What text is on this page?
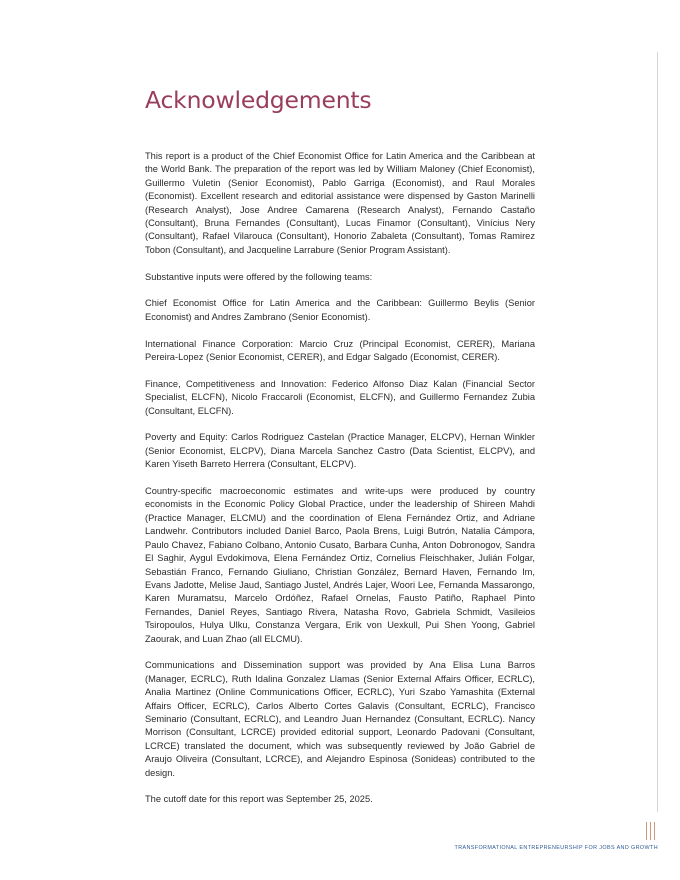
Acknowledgements

This report is a product of the Chief Economist Office for Latin America and the Caribbean at the World Bank. The preparation of the report was led by William Maloney (Chief Economist), Guillermo Vuletin (Senior Economist), Pablo Garriga (Economist), and Raul Morales (Economist). Excellent research and editorial assistance were dispensed by Gaston Marinelli (Research Analyst), Jose Andree Camarena (Research Analyst), Fernando Castaño (Consultant), Bruna Fernandes (Consultant), Lucas Finamor (Consultant), Vinícius Nery (Consultant), Rafael Vilarouca (Consultant), Honorio Zabaleta (Consultant), Tomas Ramirez Tobon (Consultant), and Jacqueline Larrabure (Senior Program Assistant).

Substantive inputs were offered by the following teams:

Chief Economist Office for Latin America and the Caribbean: Guillermo Beylis (Senior Economist) and Andres Zambrano (Senior Economist).

International Finance Corporation: Marcio Cruz (Principal Economist, CERER), Mariana Pereira-Lopez (Senior Economist, CERER), and Edgar Salgado (Economist, CERER).

Finance, Competitiveness and Innovation: Federico Alfonso Diaz Kalan (Financial Sector Specialist, ELCFN), Nicolo Fraccaroli (Economist, ELCFN), and Guillermo Fernandez Zubia (Consultant, ELCFN).

Poverty and Equity: Carlos Rodriguez Castelan (Practice Manager, ELCPV), Hernan Winkler (Senior Economist, ELCPV), Diana Marcela Sanchez Castro (Data Scientist, ELCPV), and Karen Yiseth Barreto Herrera (Consultant, ELCPV).

Country-specific macroeconomic estimates and write-ups were produced by country economists in the Economic Policy Global Practice, under the leadership of Shireen Mahdi (Practice Manager, ELCMU) and the coordination of Elena Fernández Ortiz, and Adriane Landwehr. Contributors included Daniel Barco, Paola Brens, Luigi Butrón, Natalia Cámpora, Paulo Chavez, Fabiano Colbano, Antonio Cusato, Barbara Cunha, Anton Dobronogov, Sandra El Saghir, Aygul Evdokimova, Elena Fernández Ortiz, Cornelius Fleischhaker, Julián Folgar, Sebastián Franco, Fernando Giuliano, Christian González, Bernard Haven, Fernando Im, Evans Jadotte, Melise Jaud, Santiago Justel, Andrés Lajer, Woori Lee, Fernanda Massarongo, Karen Muramatsu, Marcelo Ordóñez, Rafael Ornelas, Fausto Patiño, Raphael Pinto Fernandes, Daniel Reyes, Santiago Rivera, Natasha Rovo, Gabriela Schmidt, Vasileios Tsiropoulos, Hulya Ulku, Constanza Vergara, Erik von Uexkull, Pui Shen Yoong, Gabriel Zaourak, and Luan Zhao (all ELCMU).

Communications and Dissemination support was provided by Ana Elisa Luna Barros (Manager, ECRLC), Ruth Idalina Gonzalez Llamas (Senior External Affairs Officer, ECRLC), Analia Martinez (Online Communications Officer, ECRLC), Yuri Szabo Yamashita (External Affairs Officer, ECRLC), Carlos Alberto Cortes Galavis (Consultant, ECRLC), Francisco Seminario (Consultant, ECRLC), and Leandro Juan Hernandez (Consultant, ECRLC). Nancy Morrison (Consultant, LCRCE) provided editorial support, Leonardo Padovani (Consultant, LCRCE) translated the document, which was subsequently reviewed by João Gabriel de Araujo Oliveira (Consultant, LCRCE), and Alejandro Espinosa (Sonideas) contributed to the design.

The cutoff date for this report was September 25, 2025.

TRANSFORMATIONAL ENTREPRENEURSHIP FOR JOBS AND GROWTH
